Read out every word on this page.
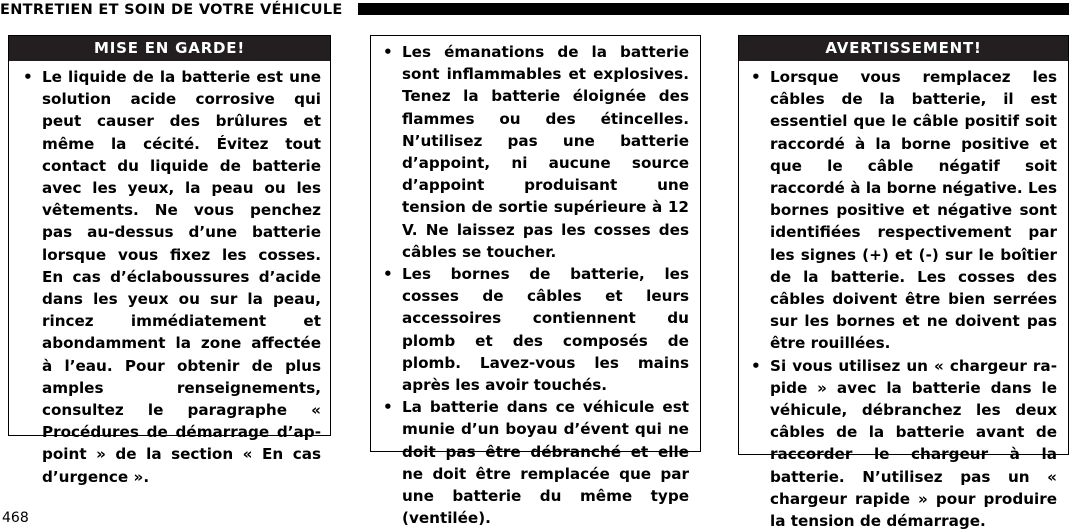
ENTRETIEN ET SOIN DE VOTRE VÉHICULE
MISE EN GARDE!
• Le liquide de la batterie est une solution acide corrosive qui peut causer des brûlures et même la cécité. Évitez tout contact du liquide de batterie avec les yeux, la peau ou les vêtements. Ne vous penchez pas au-dessus d’une batterie lorsque vous fixez les cosses. En cas d’éclaboussures d’acide dans les yeux ou sur la peau, rincez immédiatement et abondamment la zone affectée à l’eau. Pour obtenir de plus amples renseignements, consultez le paragraphe « Procédures de démarrage d’appoint » de la section « En cas d’urgence ».
• Les émanations de la batterie sont inflammables et explosives. Tenez la batterie éloignée des flammes ou des étincelles. N’utilisez pas une batterie d’appoint, ni aucune source d’appoint produisant une tension de sortie supérieure à 12 V. Ne laissez pas les cosses des câbles se toucher.
• Les bornes de batterie, les cosses de câbles et leurs accessoires contiennent du plomb et des composés de plomb. Lavez-vous les mains après les avoir touchés.
• La batterie dans ce véhicule est munie d’un boyau d’évent qui ne doit pas être débranché et elle ne doit être remplacée que par une batterie du même type (ventilée).
AVERTISSEMENT!
• Lorsque vous remplacez les câbles de la batterie, il est essentiel que le câble positif soit raccordé à la borne positive et que le câble négatif soit raccordé à la borne négative. Les bornes positive et négative sont identifiées respectivement par les signes (+) et (-) sur le boîtier de la batterie. Les cosses des câbles doivent être bien serrées sur les bornes et ne doivent pas être rouillées.
• Si vous utilisez un « chargeur rapide » avec la batterie dans le véhicule, débranchez les deux câbles de la batterie avant de raccorder le chargeur à la batterie. N’utilisez pas un « chargeur rapide » pour produire la tension de démarrage.
468
